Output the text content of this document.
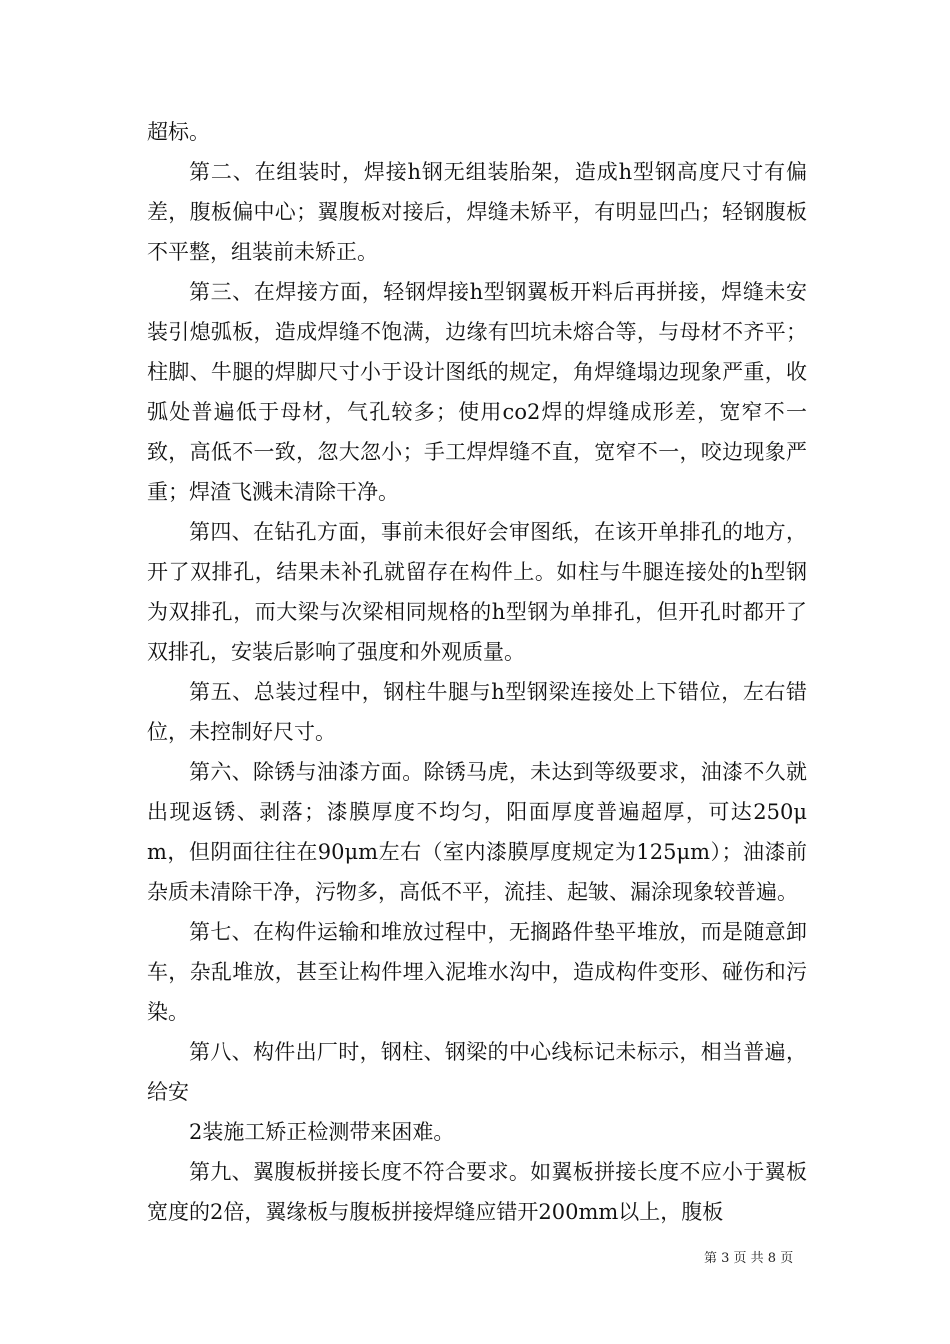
超标。

第二、在组装时，焊接h钢无组装胎架，造成h型钢高度尺寸有偏差，腹板偏中心；翼腹板对接后，焊缝未矫平，有明显凹凸；轻钢腹板不平整，组装前未矫正。

第三、在焊接方面，轻钢焊接h型钢翼板开料后再拼接，焊缝未安装引熄弧板，造成焊缝不饱满，边缘有凹坑未熔合等，与母材不齐平；柱脚、牛腿的焊脚尺寸小于设计图纸的规定，角焊缝塌边现象严重，收弧处普遍低于母材，气孔较多；使用co2焊的焊缝成形差，宽窄不一致，高低不一致，忽大忽小；手工焊焊缝不直，宽窄不一，咬边现象严重；焊渣飞溅未清除干净。

第四、在钻孔方面，事前未很好会审图纸，在该开单排孔的地方，开了双排孔，结果未补孔就留存在构件上。如柱与牛腿连接处的h型钢为双排孔，而大梁与次梁相同规格的h型钢为单排孔，但开孔时都开了双排孔，安装后影响了强度和外观质量。

第五、总装过程中，钢柱牛腿与h型钢梁连接处上下错位，左右错位，未控制好尺寸。

第六、除锈与油漆方面。除锈马虎，未达到等级要求，油漆不久就出现返锈、剥落；漆膜厚度不均匀，阳面厚度普遍超厚，可达250μm，但阴面往往在90μm左右（室内漆膜厚度规定为125μm）；油漆前杂质未清除干净，污物多，高低不平，流挂、起皱、漏涂现象较普遍。

第七、在构件运输和堆放过程中，无搁路件垫平堆放，而是随意卸车，杂乱堆放，甚至让构件埋入泥堆水沟中，造成构件变形、碰伤和污染。

第八、构件出厂时，钢柱、钢梁的中心线标记未标示，相当普遍，给安

2装施工矫正检测带来困难。

第九、翼腹板拼接长度不符合要求。如翼板拼接长度不应小于翼板宽度的2倍，翼缘板与腹板拼接焊缝应错开200mm以上，腹板

第 3 页 共 8 页
